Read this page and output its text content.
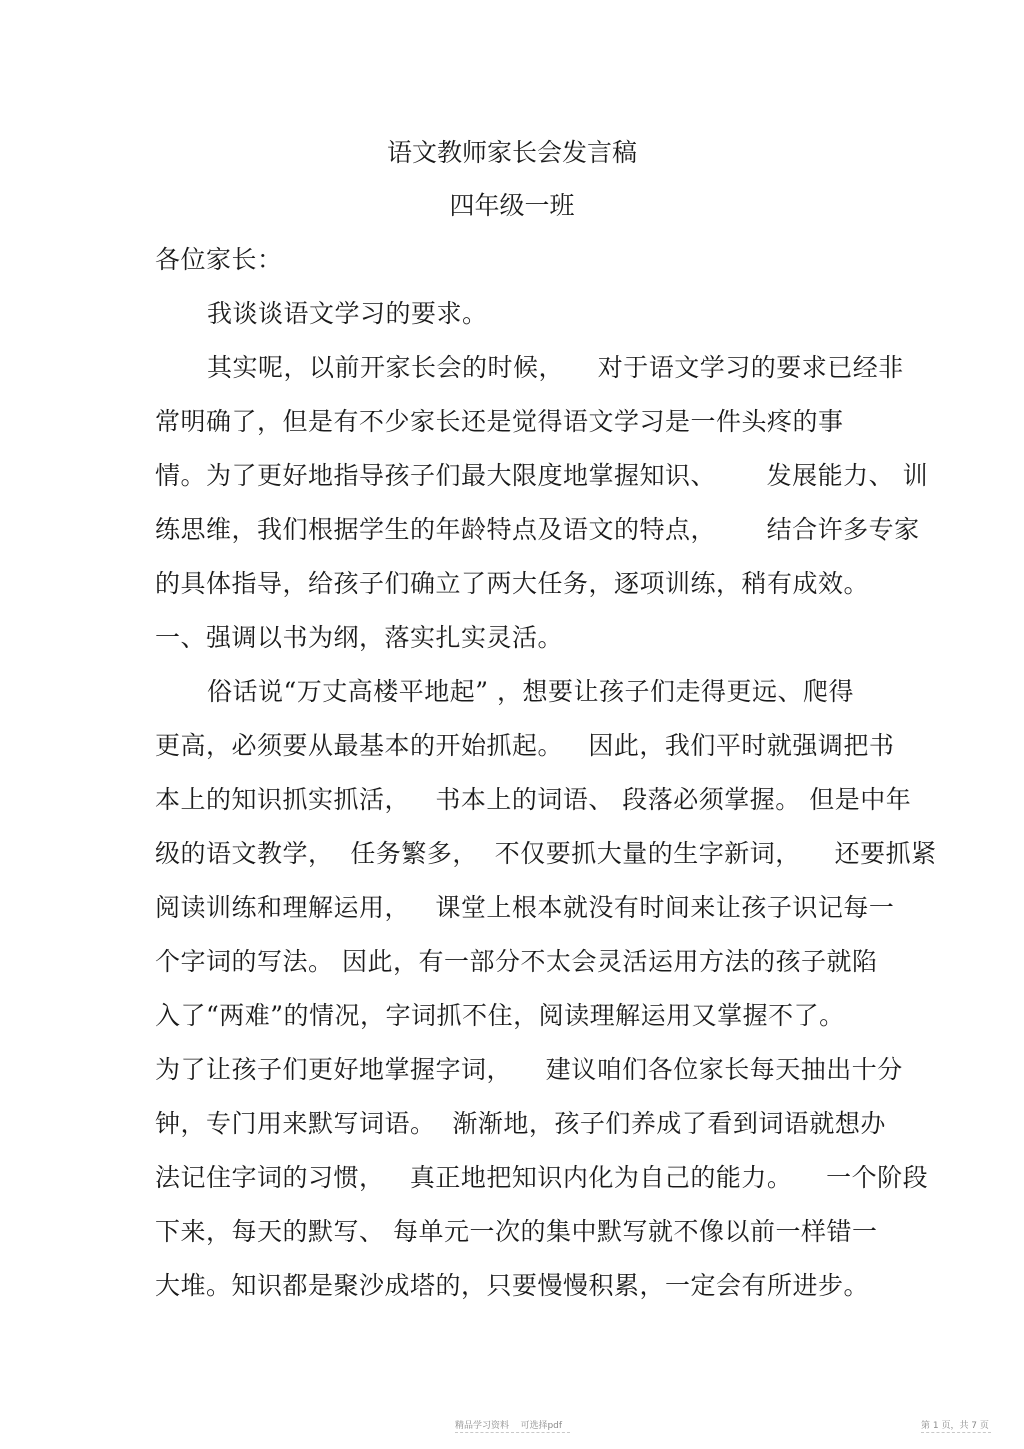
语文教师家长会发言稿
四年级一班
各位家长：
我谈谈语文学习的要求。
其实呢，以前开家长会的时候，    对于语文学习的要求已经非
常明确了，但是有不少家长还是觉得语文学习是一件头疼的事
情。为了更好地指导孩子们最大限度地掌握知识、      发展能力、 训
练思维，我们根据学生的年龄特点及语文的特点，      结合许多专家
的具体指导，给孩子们确立了两大任务，逐项训练，稍有成效。
一、强调以书为纲，落实扎实灵活。
俗话说“万丈高楼平地起” ，想要让孩子们走得更远、爬得
更高，必须要从最基本的开始抓起。   因此，我们平时就强调把书
本上的知识抓实抓活，   书本上的词语、 段落必须掌握。 但是中年
级的语文教学，  任务繁多，  不仅要抓大量的生字新词，    还要抓紧
阅读训练和理解运用，   课堂上根本就没有时间来让孩子识记每一
个字词的写法。 因此，有一部分不太会灵活运用方法的孩子就陷
入了“两难”的情况，字词抓不住，阅读理解运用又掌握不了。
为了让孩子们更好地掌握字词，    建议咱们各位家长每天抽出十分
钟，专门用来默写词语。  渐渐地，孩子们养成了看到词语就想办
法记住字词的习惯，   真正地把知识内化为自己的能力。    一个阶段
下来，每天的默写、 每单元一次的集中默写就不像以前一样错一
大堆。知识都是聚沙成塔的，只要慢慢积累，一定会有所进步。
精品学习资料    可选择pdf	第 1 页，共 7 页
